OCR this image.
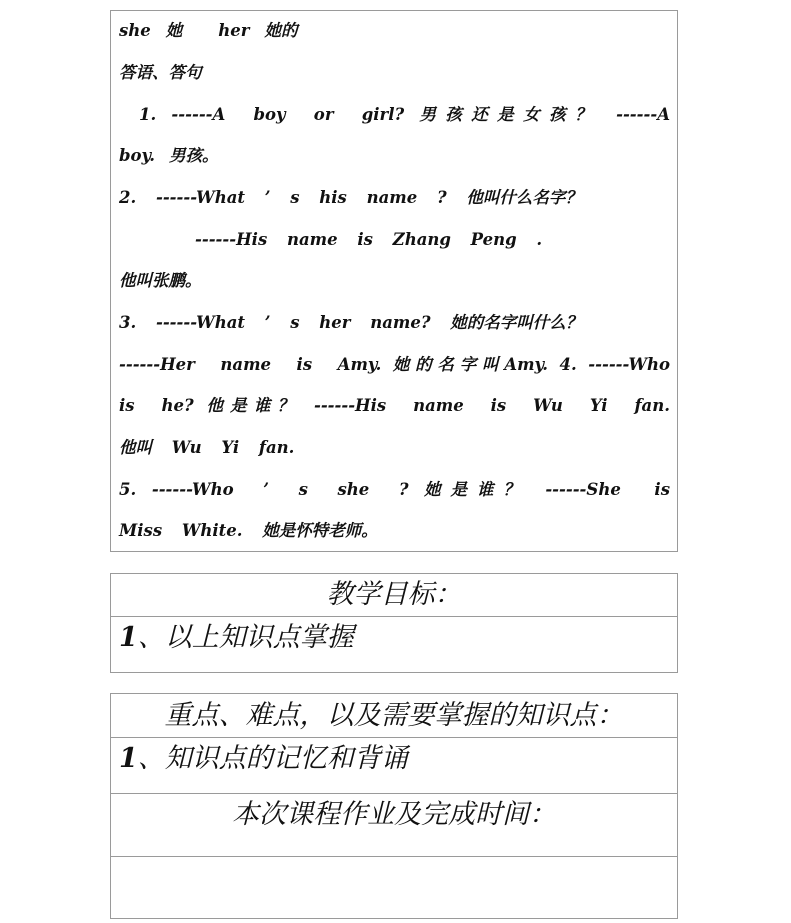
she 她 her 她的
答语、答句
1. ------A boy or girl? 男孩还是女孩？ ------A
boy. 男孩。
2. ------What ’ s his name ? 他叫什么名字？
------His name is Zhang Peng .
他叫张鹏。
3. ------What ’ s her name? 她的名字叫什么？
------Her name is Amy. 她的名字叫Amy. 4. ------Who
is he? 他是谁？ ------His name is Wu Yi fan.
他叫 Wu Yi fan.
5. ------Who ’ s she ? 她是谁？ ------She is
Miss White. 她是怀特老师。
教学目标：
1、以上知识点掌握
重点、难点，以及需要掌握的知识点：
1、知识点的记忆和背诵
本次课程作业及完成时间：
